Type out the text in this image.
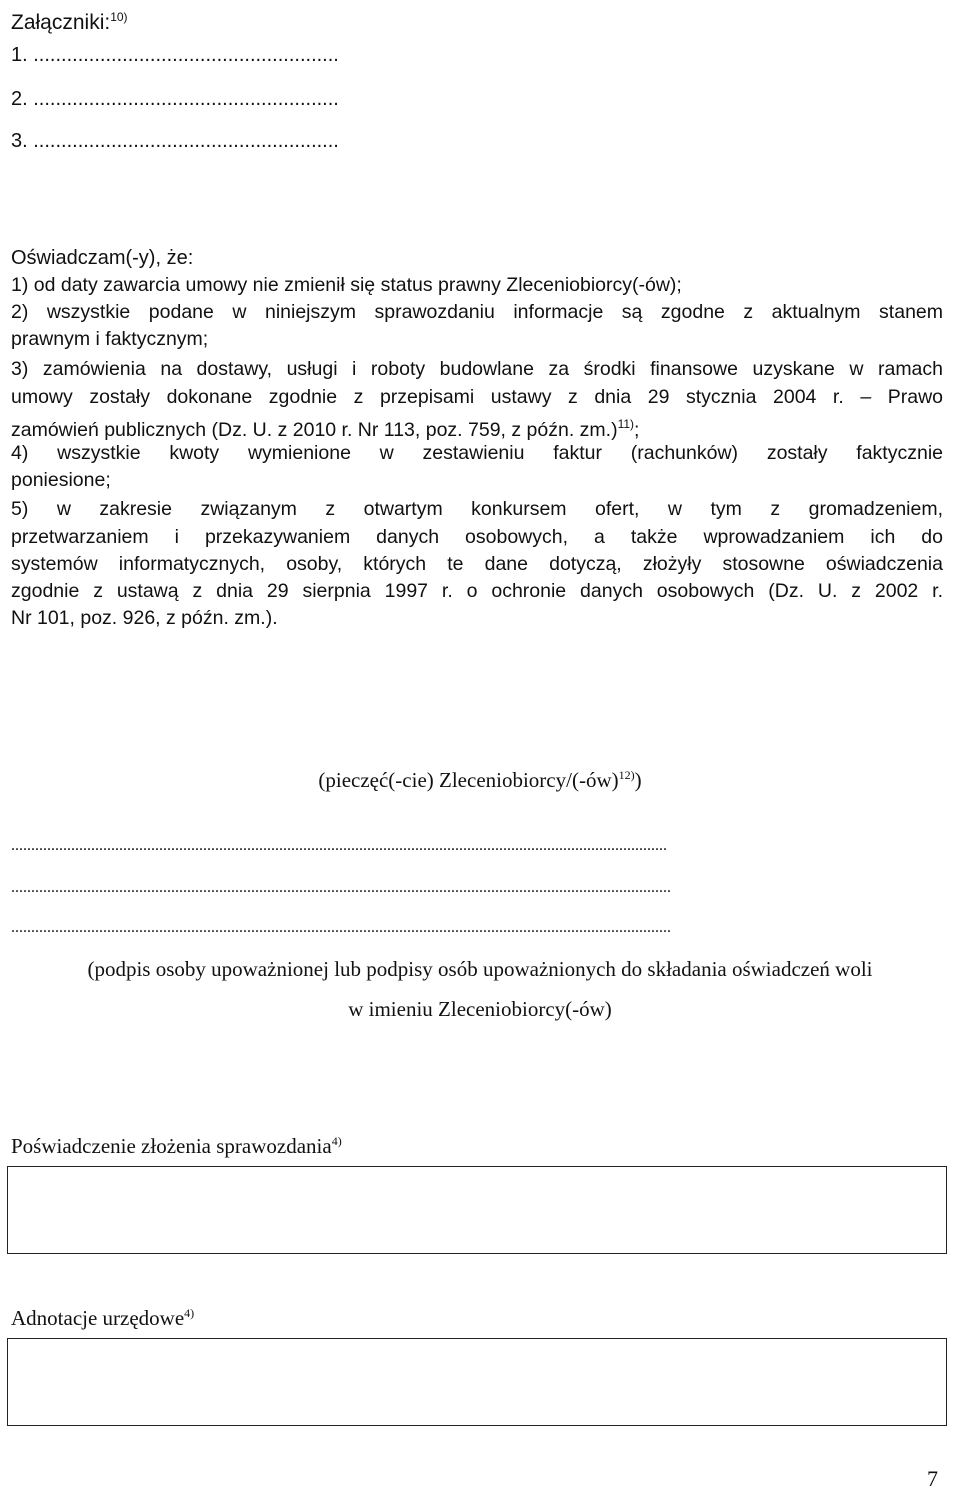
Załączniki:$^{10)}$
1. .......................................................
2. .......................................................
3. .......................................................
Oświadczam(-y), że:
1) od daty zawarcia umowy nie zmienił się status prawny Zleceniobiorcy(-ów);
2) wszystkie podane w niniejszym sprawozdaniu informacje są zgodne z aktualnym stanem
prawnym i faktycznym;
3) zamówienia na dostawy, usługi i roboty budowlane za środki finansowe uzyskane w ramach
umowy zostały dokonane zgodnie z przepisami ustawy z dnia 29 stycznia 2004 r. – Prawo
zamówień publicznych (Dz. U. z 2010 r. Nr 113, poz. 759, z późn. zm.)$^{11)}$;
4) wszystkie kwoty wymienione w zestawieniu faktur (rachunków) zostały faktycznie
poniesione;
5) w zakresie związanym z otwartym konkursem ofert, w tym z gromadzeniem,
przetwarzaniem i przekazywaniem danych osobowych, a także wprowadzaniem ich do
systemów informatycznych, osoby, których te dane dotyczą, złożyły stosowne oświadczenia
zgodnie z ustawą z dnia 29 sierpnia 1997 r. o ochronie danych osobowych (Dz. U. z 2002 r.
Nr 101, poz. 926, z późn. zm.).
(pieczęć(-cie) Zleceniobiorcy/(-ów)$^{12)}$)
....................................................................................................................................................................
.....................................................................................................................................................................
.....................................................................................................................................................................
(podpis osoby upoważnionej lub podpisy osób upoważnionych do składania oświadczeń woli
w imieniu Zleceniobiorcy(-ów)
Poświadczenie złożenia sprawozdania$^{4)}$
Adnotacje urzędowe$^{4)}$
7
